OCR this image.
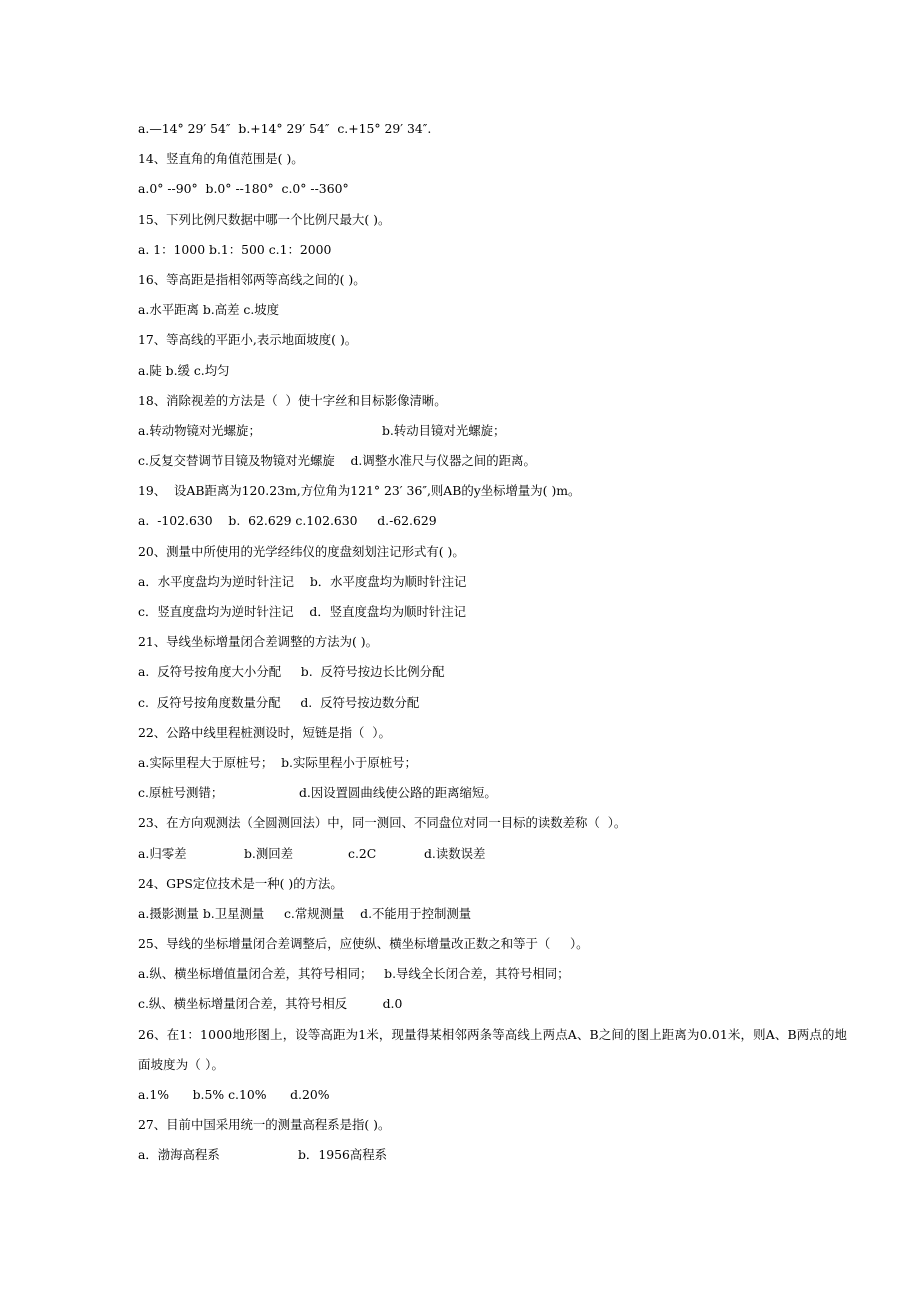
a.—14° 29′ 54″  b.+14° 29′ 54″  c.+15° 29′ 34″.
14、竖直角的角值范围是( )。
a.0° --90°  b.0° --180°  c.0° --360°
15、下列比例尺数据中哪一个比例尺最大( )。
a. 1：1000 b.1：500 c.1：2000
16、等高距是指相邻两等高线之间的( )。
a.水平距离 b.高差 c.坡度
17、等高线的平距小,表示地面坡度( )。
a.陡 b.缓 c.均匀
18、消除视差的方法是（  ）使十字丝和目标影像清晰。

a.转动物镜对光螺旋；

	b.转动目镜对光螺旋；

c.反复交替调节目镜及物镜对光螺旋    d.调整水准尺与仪器之间的距离。
19、  设AB距离为120.23m,方位角为121° 23′ 36″,则AB的y坐标增量为( )m。
a.  -102.630    b.  62.629 c.102.630     d.-62.629
20、测量中所使用的光学经纬仪的度盘刻划注记形式有( )。
a．水平度盘均为逆时针注记    b．水平度盘均为顺时针注记
c．竖直度盘均为逆时针注记    d．竖直度盘均为顺时针注记
21、导线坐标增量闭合差调整的方法为( )。
a.  反符号按角度大小分配     b.  反符号按边长比例分配
c.  反符号按角度数量分配     d.  反符号按边数分配
22、公路中线里程桩测设时，短链是指（  ）。
a.实际里程大于原桩号；  b.实际里程小于原桩号；

c.原桩号测错；

	d.因设置圆曲线使公路的距离缩短。

23、在方向观测法（全圆测回法）中，同一测回、不同盘位对同一目标的读数差称（  ）。

a.归零差

	b.测回差

	c.2C

	d.读数误差

24、GPS定位技术是一种( )的方法。
a.摄影测量 b.卫星测量     c.常规测量    d.不能用于控制测量
25、导线的坐标增量闭合差调整后，应使纵、横坐标增量改正数之和等于（     ）。
a.纵、横坐标增值量闭合差，其符号相同；   b.导线全长闭合差，其符号相同；
c.纵、横坐标增量闭合差，其符号相反         d.0
26、在1：1000地形图上，设等高距为1米，现量得某相邻两条等高线上两点A、B之间的图上距离为0.01米，则A、B两点的地面坡度为（ ）。
a.1%      b.5% c.10%      d.20%
27、目前中国采用统一的测量高程系是指( )。

a．渤海高程系

	b．1956高程系
